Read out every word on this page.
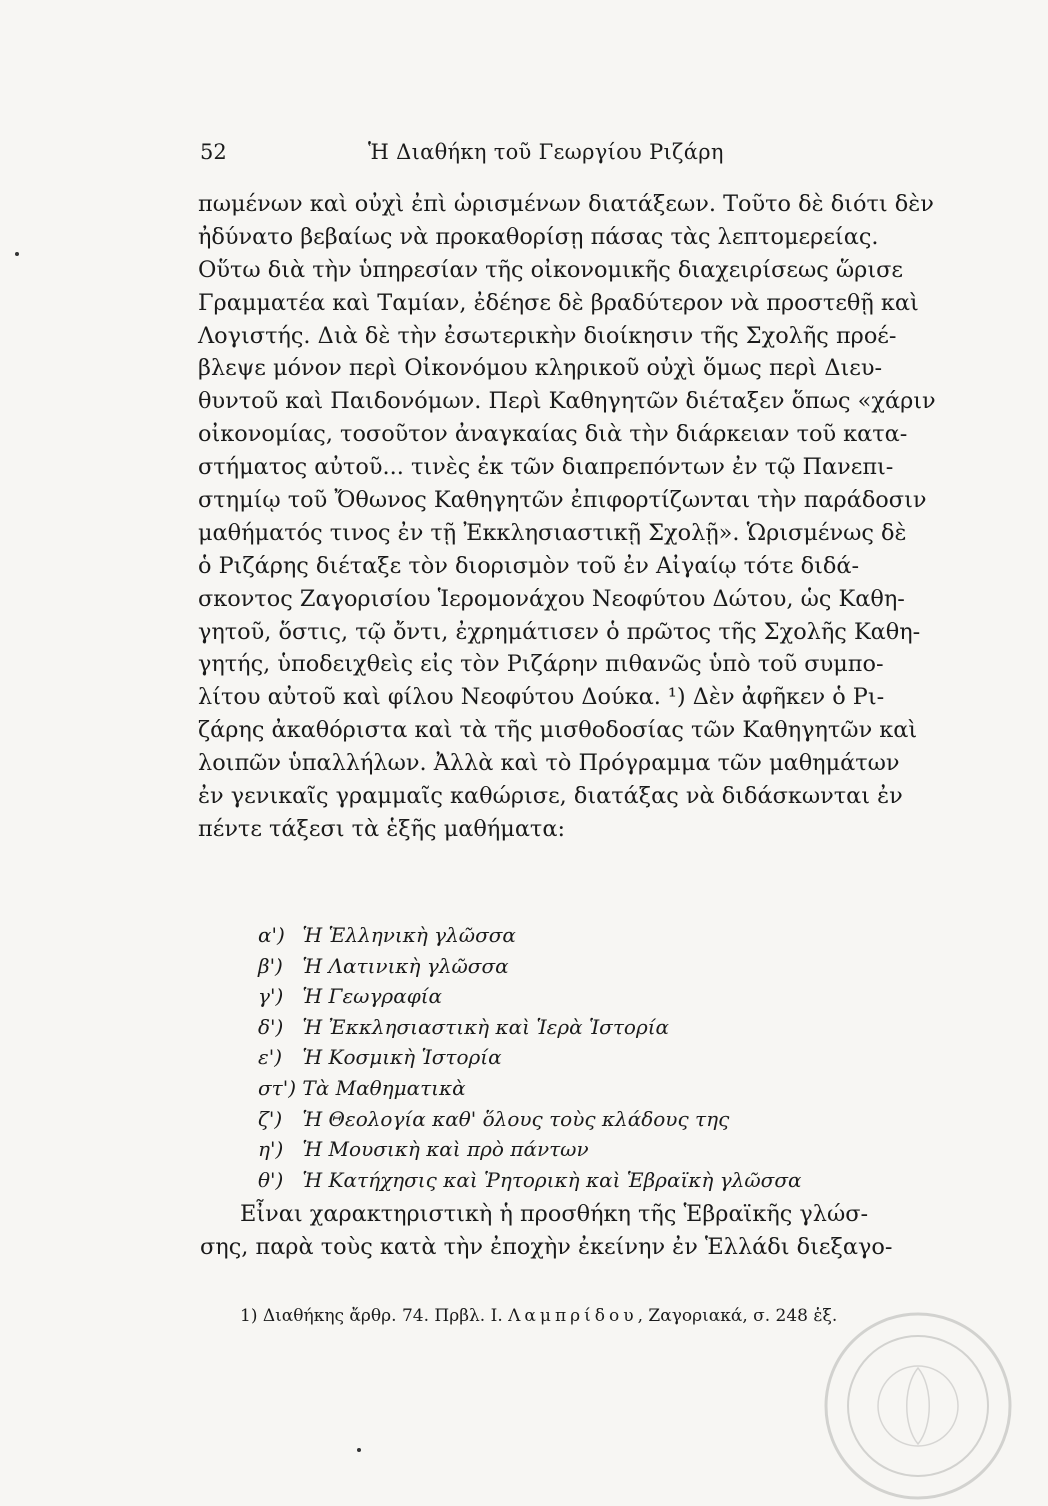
52	Ἡ Διαθήκη τοῦ Γεωργίου Ριζάρη
πωμένων καὶ οὐχὶ ἐπὶ ὡρισμένων διατάξεων. Τοῦτο δὲ διότι δὲν
ἠδύνατο βεβαίως νὰ προκαθορίσῃ πάσας τὰς λεπτομερείας.
Οὕτω διὰ τὴν ὑπηρεσίαν τῆς οἰκονομικῆς διαχειρίσεως ὥρισε
Γραμματέα καὶ Ταμίαν, ἐδέησε δὲ βραδύτερον νὰ προστεθῇ καὶ
Λογιστής. Διὰ δὲ τὴν ἐσωτερικὴν διοίκησιν τῆς Σχολῆς προέ-
βλεψε μόνον περὶ Οἰκονόμου κληρικοῦ οὐχὶ ὅμως περὶ Διευ-
θυντοῦ καὶ Παιδονόμων. Περὶ Καθηγητῶν διέταξεν ὅπως «χάριν
οἰκονομίας, τοσοῦτον ἀναγκαίας διὰ τὴν διάρκειαν τοῦ κατα-
στήματος αὐτοῦ... τινὲς ἐκ τῶν διαπρεπόντων ἐν τῷ Πανεπι-
στημίῳ τοῦ Ὄθωνος Καθηγητῶν ἐπιφορτίζωνται τὴν παράδοσιν
μαθήματός τινος ἐν τῇ Ἐκκλησιαστικῇ Σχολῇ». Ὡρισμένως δὲ
ὁ Ριζάρης διέταξε τὸν διορισμὸν τοῦ ἐν Αἰγαίῳ τότε διδά-
σκοντος Ζαγορισίου Ἱερομονάχου Νεοφύτου Δώτου, ὡς Καθη-
γητοῦ, ὅστις, τῷ ὄντι, ἐχρημάτισεν ὁ πρῶτος τῆς Σχολῆς Καθη-
γητής, ὑποδειχθεὶς εἰς τὸν Ριζάρην πιθανῶς ὑπὸ τοῦ συμπο-
λίτου αὐτοῦ καὶ φίλου Νεοφύτου Δούκα. ¹) Δὲν ἀφῆκεν ὁ Ρι-
ζάρης ἀκαθόριστα καὶ τὰ τῆς μισθοδοσίας τῶν Καθηγητῶν καὶ
λοιπῶν ὑπαλλήλων. Ἀλλὰ καὶ τὸ Πρόγραμμα τῶν μαθημάτων
ἐν γενικαῖς γραμμαῖς καθώρισε, διατάξας νὰ διδάσκωνται ἐν
πέντε τάξεσι τὰ ἑξῆς μαθήματα:
α') Ἡ Ἑλληνικὴ γλῶσσα
β') Ἡ Λατινικὴ γλῶσσα
γ') Ἡ Γεωγραφία
δ') Ἡ Ἐκκλησιαστικὴ καὶ Ἱερὰ Ἱστορία
ε') Ἡ Κοσμικὴ Ἱστορία
στ') Τὰ Μαθηματικὰ
ζ') Ἡ Θεολογία καθ' ὅλους τοὺς κλάδους της
η') Ἡ Μουσικὴ καὶ πρὸ πάντων
θ') Ἡ Κατήχησις καὶ Ῥητορικὴ καὶ Ἑβραϊκὴ γλῶσσα
Εἶναι χαρακτηριστικὴ ἡ προσθήκη τῆς Ἑβραϊκῆς γλώσ-
σης, παρὰ τοὺς κατὰ τὴν ἐποχὴν ἐκείνην ἐν Ἑλλάδι διεξαγο-
1) Διαθήκης ἄρθρ. 74. Πρβλ. Ι. Λαμπρίδου, Ζαγοριακά, σ. 248 ἑξ.
